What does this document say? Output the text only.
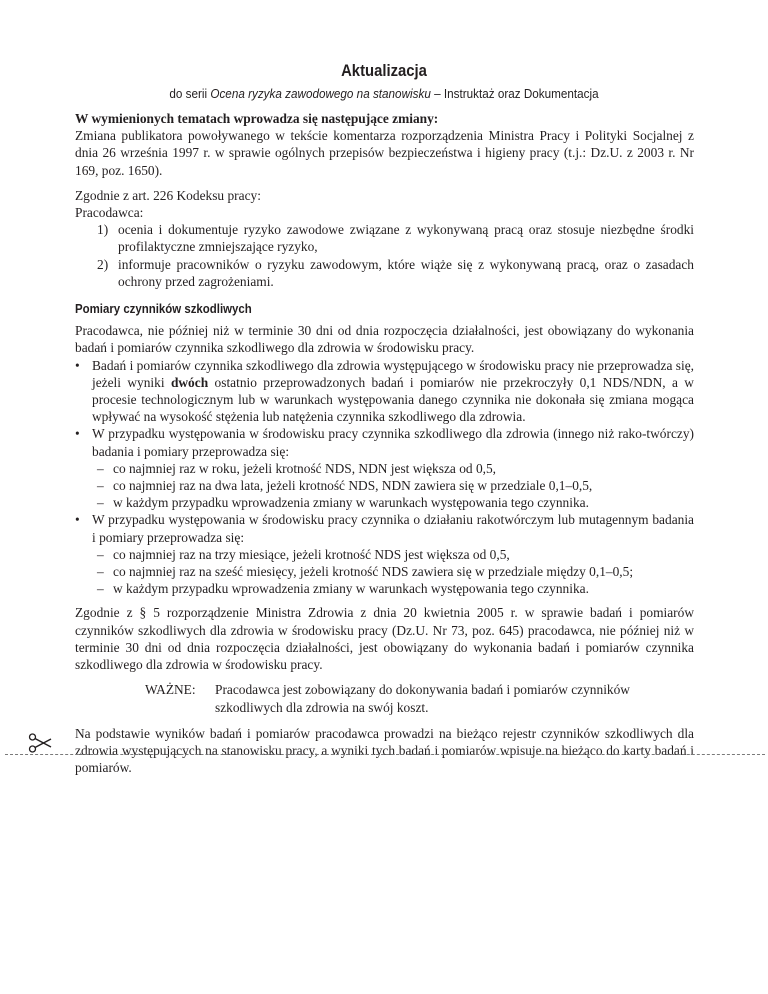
Aktualizacja
do serii Ocena ryzyka zawodowego na stanowisku – Instruktaż oraz Dokumentacja

W wymienionych tematach wprowadza się następujące zmiany:

Zmiana publikatora powoływanego w tekście komentarza rozporządzenia Ministra Pracy i Polityki Socjalnej z dnia 26 września 1997 r. w sprawie ogólnych przepisów bezpieczeństwa i higieny pracy (t.j.: Dz.U. z 2003 r. Nr 169, poz. 1650).

Zgodnie z art. 226 Kodeksu pracy:

Pracodawca:

1) ocenia i dokumentuje ryzyko zawodowe związane z wykonywaną pracą oraz stosuje niezbędne środki profilaktyczne zmniejszające ryzyko,
2) informuje pracowników o ryzyku zawodowym, które wiąże się z wykonywaną pracą, oraz o zasadach ochrony przed zagrożeniami.
Pomiary czynników szkodliwych

Pracodawca, nie później niż w terminie 30 dni od dnia rozpoczęcia działalności, jest obowiązany do wykonania badań i pomiarów czynnika szkodliwego dla zdrowia w środowisku pracy.

• Badań i pomiarów czynnika szkodliwego dla zdrowia występującego w środowisku pracy nie przeprowadza się, jeżeli wyniki dwóch ostatnio przeprowadzonych badań i pomiarów nie przekroczyły 0,1 NDS/NDN, a w procesie technologicznym lub w warunkach występowania danego czynnika nie dokonała się zmiana mogąca wpływać na wysokość stężenia lub natężenia czynnika szkodliwego dla zdrowia.
• W przypadku występowania w środowisku pracy czynnika szkodliwego dla zdrowia (innego niż rako-twórczy) badania i pomiary przeprowadza się:
– co najmniej raz w roku, jeżeli krotność NDS, NDN jest większa od 0,5,
– co najmniej raz na dwa lata, jeżeli krotność NDS, NDN zawiera się w przedziale 0,1–0,5,
– w każdym przypadku wprowadzenia zmiany w warunkach występowania tego czynnika.
• W przypadku występowania w środowisku pracy czynnika o działaniu rakotwórczym lub mutagennym badania i pomiary przeprowadza się:
– co najmniej raz na trzy miesiące, jeżeli krotność NDS jest większa od 0,5,
– co najmniej raz na sześć miesięcy, jeżeli krotność NDS zawiera się w przedziale między 0,1–0,5;
– w każdym przypadku wprowadzenia zmiany w warunkach występowania tego czynnika.

Zgodnie z § 5 rozporządzenie Ministra Zdrowia z dnia 20 kwietnia 2005 r. w sprawie badań i pomiarów czynników szkodliwych dla zdrowia w środowisku pracy (Dz.U. Nr 73, poz. 645) pracodawca, nie później niż w terminie 30 dni od dnia rozpoczęcia działalności, jest obowiązany do wykonania badań i pomiarów czynnika szkodliwego dla zdrowia w środowisku pracy.

WAŻNE: Pracodawca jest zobowiązany do dokonywania badań i pomiarów czynników szkodliwych dla zdrowia na swój koszt.

Na podstawie wyników badań i pomiarów pracodawca prowadzi na bieżąco rejestr czynników szkodliwych dla zdrowia występujących na stanowisku pracy, a wyniki tych badań i pomiarów wpisuje na bieżąco do karty badań i pomiarów.
